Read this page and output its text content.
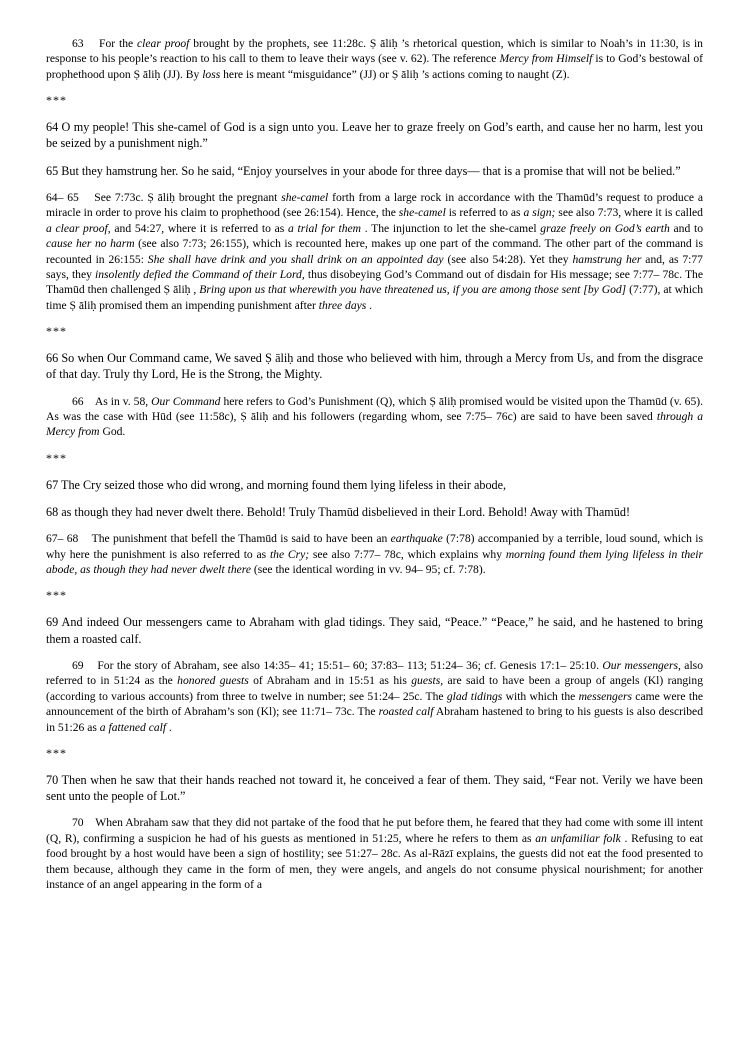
63    For the clear proof brought by the prophets, see 11:28c. Ṣ āliḥ ’s rhetorical question, which is similar to Noah’s in 11:30, is in response to his people’s reaction to his call to them to leave their ways (see v. 62). The reference Mercy from Himself is to God’s bestowal of prophethood upon Ṣ āliḥ (JJ). By loss here is meant “misguidance” (JJ) or Ṣ āliḥ ’s actions coming to naught (Z).

***

64 O my people! This she-camel of God is a sign unto you. Leave her to graze freely on God’s earth, and cause her no harm, lest you be seized by a punishment nigh.”

65 But they hamstrung her. So he said, “Enjoy yourselves in your abode for three days— that is a promise that will not be belied.”

64– 65    See 7:73c. Ṣ āliḥ brought the pregnant she-camel forth from a large rock in accordance with the Thamūd’s request to produce a miracle in order to prove his claim to prophethood (see 26:154). Hence, the she-camel is referred to as a sign; see also 7:73, where it is called a clear proof, and 54:27, where it is referred to as a trial for them . The injunction to let the she-camel graze freely on God’s earth and to cause her no harm (see also 7:73; 26:155), which is recounted here, makes up one part of the command. The other part of the command is recounted in 26:155: She shall have drink and you shall drink on an appointed day (see also 54:28). Yet they hamstrung her and, as 7:77 says, they insolently defied the Command of their Lord, thus disobeying God’s Command out of disdain for His message; see 7:77– 78c. The Thamūd then challenged Ṣ āliḥ , Bring upon us that wherewith you have threatened us, if you are among those sent [by God] (7:77), at which time Ṣ āliḥ promised them an impending punishment after three days .

***

66 So when Our Command came, We saved Ṣ āliḥ and those who believed with him, through a Mercy from Us, and from the disgrace of that day. Truly thy Lord, He is the Strong, the Mighty.

66    As in v. 58, Our Command here refers to God’s Punishment (Q), which Ṣ āliḥ promised would be visited upon the Thamūd (v. 65). As was the case with Hūd (see 11:58c), Ṣ āliḥ and his followers (regarding whom, see 7:75– 76c) are said to have been saved through a Mercy from God.

***

67 The Cry seized those who did wrong, and morning found them lying lifeless in their abode,

68 as though they had never dwelt there. Behold! Truly Thamūd disbelieved in their Lord. Behold! Away with Thamūd!

67– 68    The punishment that befell the Thamūd is said to have been an earthquake (7:78) accompanied by a terrible, loud sound, which is why here the punishment is also referred to as the Cry; see also 7:77– 78c, which explains why morning found them lying lifeless in their abode, as though they had never dwelt there (see the identical wording in vv. 94– 95; cf. 7:78).

***

69 And indeed Our messengers came to Abraham with glad tidings. They said, “Peace.” “Peace,” he said, and he hastened to bring them a roasted calf.

69    For the story of Abraham, see also 14:35– 41; 15:51– 60; 37:83– 113; 51:24– 36; cf. Genesis 17:1– 25:10. Our messengers, also referred to in 51:24 as the honored guests of Abraham and in 15:51 as his guests, are said to have been a group of angels (Kl) ranging (according to various accounts) from three to twelve in number; see 51:24– 25c. The glad tidings with which the messengers came were the announcement of the birth of Abraham’s son (Kl); see 11:71– 73c. The roasted calf Abraham hastened to bring to his guests is also described in 51:26 as a fattened calf .

***

70 Then when he saw that their hands reached not toward it, he conceived a fear of them. They said, “Fear not. Verily we have been sent unto the people of Lot.”

70    When Abraham saw that they did not partake of the food that he put before them, he feared that they had come with some ill intent (Q, R), confirming a suspicion he had of his guests as mentioned in 51:25, where he refers to them as an unfamiliar folk . Refusing to eat food brought by a host would have been a sign of hostility; see 51:27– 28c. As al-Rāzī explains, the guests did not eat the food presented to them because, although they came in the form of men, they were angels, and angels do not consume physical nourishment; for another instance of an angel appearing in the form of a
